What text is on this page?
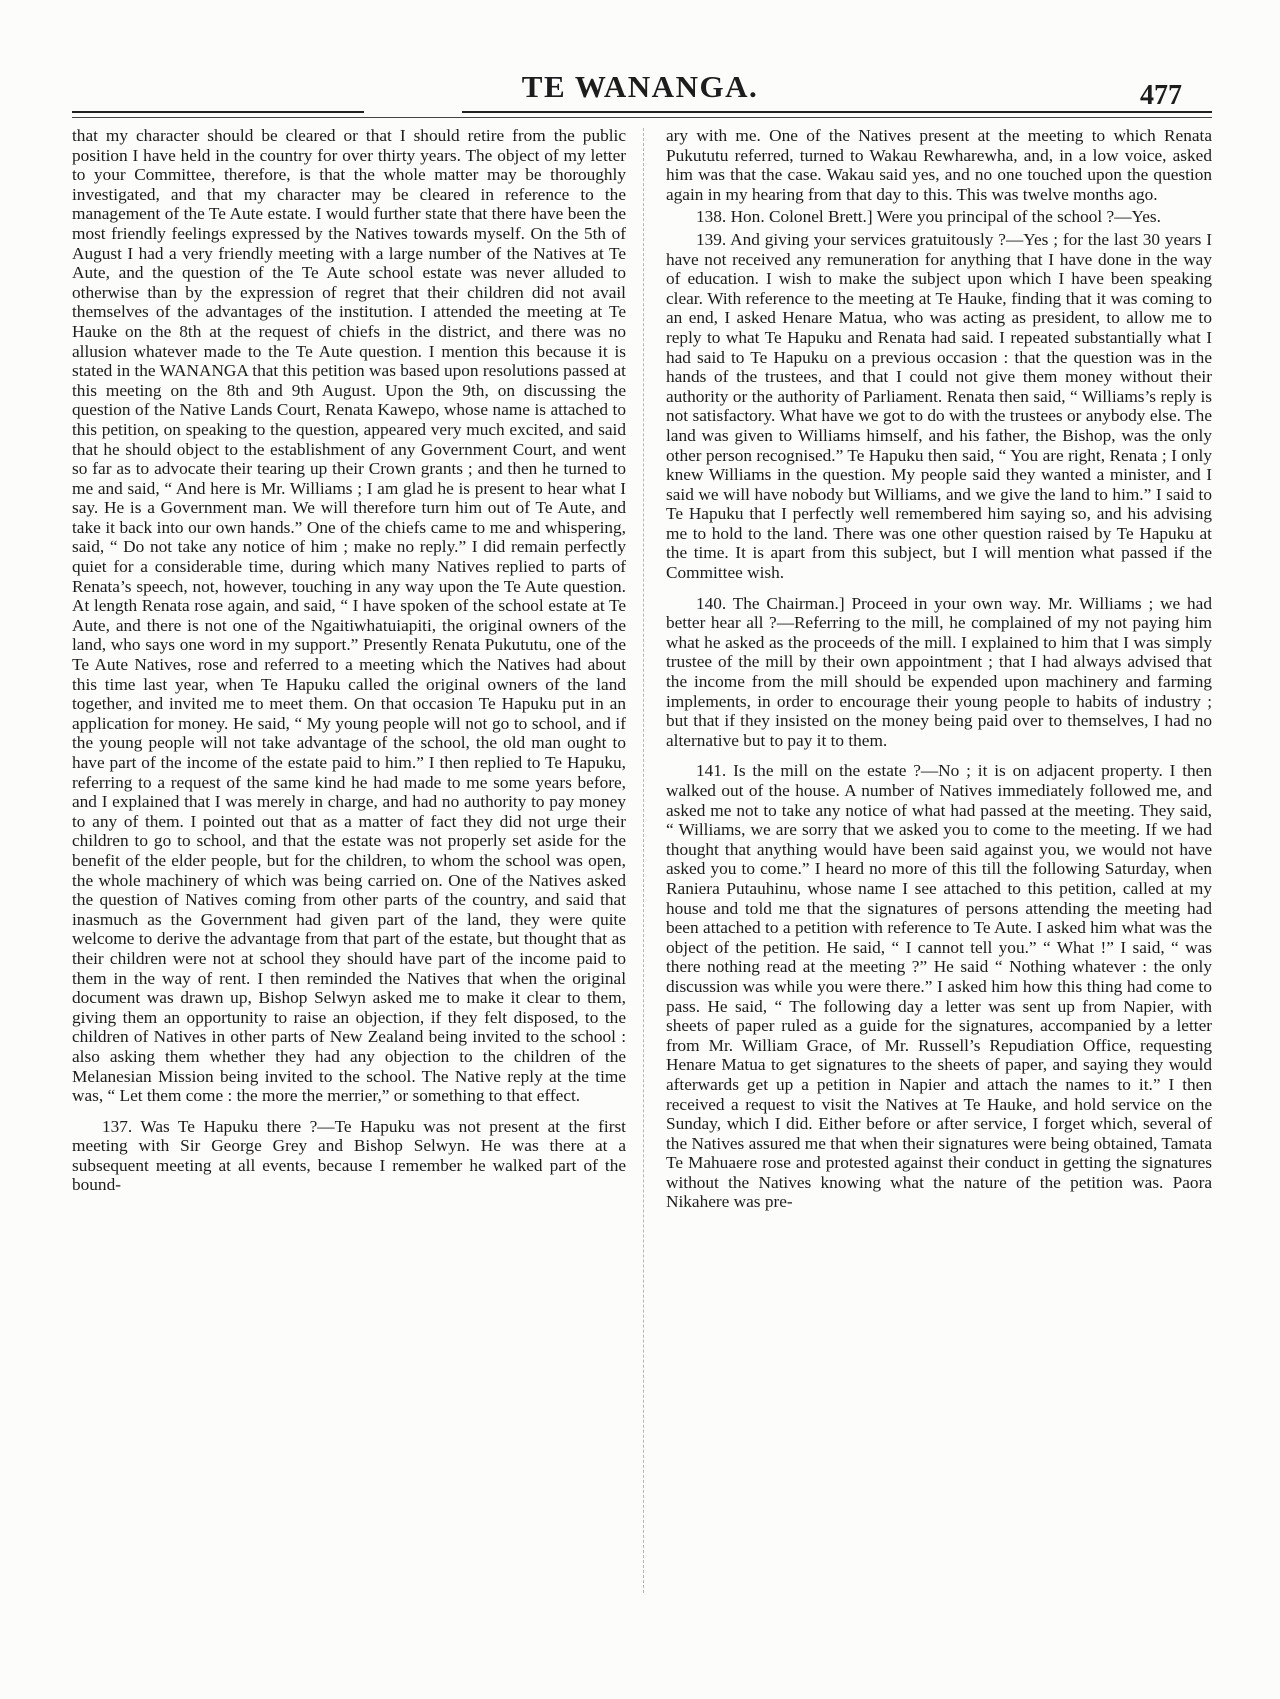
TE WANANGA.	477

that my character should be cleared or that I should retire from the public position I have held in the country for over thirty years. The object of my letter to your Committee, therefore, is that the whole matter may be thoroughly investigated, and that my character may be cleared in reference to the management of the Te Aute estate. I would further state that there have been the most friendly feelings expressed by the Natives towards myself. On the 5th of August I had a very friendly meeting with a large number of the Natives at Te Aute, and the question of the Te Aute school estate was never alluded to otherwise than by the expression of regret that their children did not avail themselves of the advantages of the institution. I attended the meeting at Te Hauke on the 8th at the request of chiefs in the district, and there was no allusion whatever made to the Te Aute question. I mention this because it is stated in the WANANGA that this petition was based upon resolutions passed at this meeting on the 8th and 9th August. Upon the 9th, on discussing the question of the Native Lands Court, Renata Kawepo, whose name is attached to this petition, on speaking to the question, appeared very much excited, and said that he should object to the establishment of any Government Court, and went so far as to advocate their tearing up their Crown grants ; and then he turned to me and said, “ And here is Mr. Williams ; I am glad he is present to hear what I say. He is a Government man. We will therefore turn him out of Te Aute, and take it back into our own hands.” One of the chiefs came to me and whispering, said, “ Do not take any notice of him ; make no reply.” I did remain perfectly quiet for a considerable time, during which many Natives replied to parts of Renata’s speech, not, however, touching in any way upon the Te Aute question. At length Renata rose again, and said, “ I have spoken of the school estate at Te Aute, and there is not one of the Ngaitiwhatuiapiti, the original owners of the land, who says one word in my support.” Presently Renata Pukututu, one of the Te Aute Natives, rose and referred to a meeting which the Natives had about this time last year, when Te Hapuku called the original owners of the land together, and invited me to meet them. On that occasion Te Hapuku put in an application for money. He said, “ My young people will not go to school, and if the young people will not take advantage of the school, the old man ought to have part of the income of the estate paid to him.” I then replied to Te Hapuku, referring to a request of the same kind he had made to me some years before, and I explained that I was merely in charge, and had no authority to pay money to any of them. I pointed out that as a matter of fact they did not urge their children to go to school, and that the estate was not properly set aside for the benefit of the elder people, but for the children, to whom the school was open, the whole machinery of which was being carried on. One of the Natives asked the question of Natives coming from other parts of the country, and said that inasmuch as the Government had given part of the land, they were quite welcome to derive the advantage from that part of the estate, but thought that as their children were not at school they should have part of the income paid to them in the way of rent. I then reminded the Natives that when the original document was drawn up, Bishop Selwyn asked me to make it clear to them, giving them an opportunity to raise an objection, if they felt disposed, to the children of Natives in other parts of New Zealand being invited to the school : also asking them whether they had any objection to the children of the Melanesian Mission being invited to the school. The Native reply at the time was, “ Let them come : the more the merrier,” or something to that effect.

137. Was Te Hapuku there ?—Te Hapuku was not present at the first meeting with Sir George Grey and Bishop Selwyn. He was there at a subsequent meeting at all events, because I remember he walked part of the bound-

ary with me. One of the Natives present at the meeting to which Renata Pukututu referred, turned to Wakau Rewharewha, and, in a low voice, asked him was that the case. Wakau said yes, and no one touched upon the question again in my hearing from that day to this. This was twelve months ago.

138. Hon. Colonel Brett.] Were you principal of the school ?—Yes.

139. And giving your services gratuitously ?—Yes ; for the last 30 years I have not received any remuneration for anything that I have done in the way of education. I wish to make the subject upon which I have been speaking clear. With reference to the meeting at Te Hauke, finding that it was coming to an end, I asked Henare Matua, who was acting as president, to allow me to reply to what Te Hapuku and Renata had said. I repeated substantially what I had said to Te Hapuku on a previous occasion : that the question was in the hands of the trustees, and that I could not give them money without their authority or the authority of Parliament. Renata then said, “ Williams’s reply is not satisfactory. What have we got to do with the trustees or anybody else. The land was given to Williams himself, and his father, the Bishop, was the only other person recognised.” Te Hapuku then said, “ You are right, Renata ; I only knew Williams in the question. My people said they wanted a minister, and I said we will have nobody but Williams, and we give the land to him.” I said to Te Hapuku that I perfectly well remembered him saying so, and his advising me to hold to the land. There was one other question raised by Te Hapuku at the time. It is apart from this subject, but I will mention what passed if the Committee wish.

140. The Chairman.] Proceed in your own way. Mr. Williams ; we had better hear all ?—Referring to the mill, he complained of my not paying him what he asked as the proceeds of the mill. I explained to him that I was simply trustee of the mill by their own appointment ; that I had always advised that the income from the mill should be expended upon machinery and farming implements, in order to encourage their young people to habits of industry ; but that if they insisted on the money being paid over to themselves, I had no alternative but to pay it to them.

141. Is the mill on the estate ?—No ; it is on adjacent property. I then walked out of the house. A number of Natives immediately followed me, and asked me not to take any notice of what had passed at the meeting. They said, “ Williams, we are sorry that we asked you to come to the meeting. If we had thought that anything would have been said against you, we would not have asked you to come.” I heard no more of this till the following Saturday, when Raniera Putauhinu, whose name I see attached to this petition, called at my house and told me that the signatures of persons attending the meeting had been attached to a petition with reference to Te Aute. I asked him what was the object of the petition. He said, “ I cannot tell you.” “ What !” I said, “ was there nothing read at the meeting ?” He said “ Nothing whatever : the only discussion was while you were there.” I asked him how this thing had come to pass. He said, “ The following day a letter was sent up from Napier, with sheets of paper ruled as a guide for the signatures, accompanied by a letter from Mr. William Grace, of Mr. Russell’s Repudiation Office, requesting Henare Matua to get signatures to the sheets of paper, and saying they would afterwards get up a petition in Napier and attach the names to it.” I then received a request to visit the Natives at Te Hauke, and hold service on the Sunday, which I did. Either before or after service, I forget which, several of the Natives assured me that when their signatures were being obtained, Tamata Te Mahuaere rose and protested against their conduct in getting the signatures without the Natives knowing what the nature of the petition was. Paora Nikahere was pre-
